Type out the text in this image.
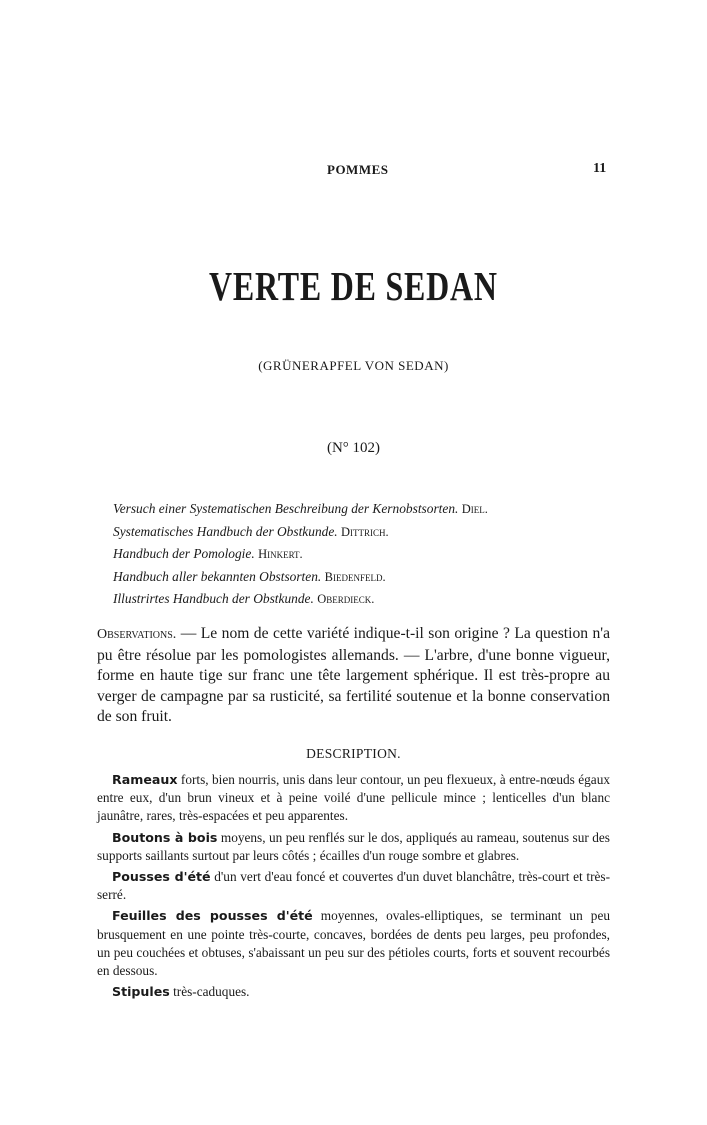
POMMES	11
VERTE DE SEDAN
(GRÜNERAPFEL VON SEDAN)
(N° 102)
Versuch einer Systematischen Beschreibung der Kernobstsorten. Diel.
Systematisches Handbuch der Obstkunde. Dittrich.
Handbuch der Pomologie. Hinkert.
Handbuch aller bekannten Obstsorten. Biedenfeld.
Illustrirtes Handbuch der Obstkunde. Oberdieck.
Observations. — Le nom de cette variété indique-t-il son origine ? La question n'a pu être résolue par les pomologistes allemands. — L'arbre, d'une bonne vigueur, forme en haute tige sur franc une tête largement sphérique. Il est très-propre au verger de campagne par sa rusticité, sa fertilité soutenue et la bonne conservation de son fruit.
DESCRIPTION.

Rameaux forts, bien nourris, unis dans leur contour, un peu flexueux, à entre-nœuds égaux entre eux, d'un brun vineux et à peine voilé d'une pellicule mince ; lenticelles d'un blanc jaunâtre, rares, très-espacées et peu apparentes.

Boutons à bois moyens, un peu renflés sur le dos, appliqués au rameau, soutenus sur des supports saillants surtout par leurs côtés ; écailles d'un rouge sombre et glabres.

Pousses d'été d'un vert d'eau foncé et couvertes d'un duvet blanchâtre, très-court et très-serré.

Feuilles des pousses d'été moyennes, ovales-elliptiques, se terminant un peu brusquement en une pointe très-courte, concaves, bordées de dents peu larges, peu profondes, un peu couchées et obtuses, s'abaissant un peu sur des pétioles courts, forts et souvent recourbés en dessous.

Stipules très-caduques.
